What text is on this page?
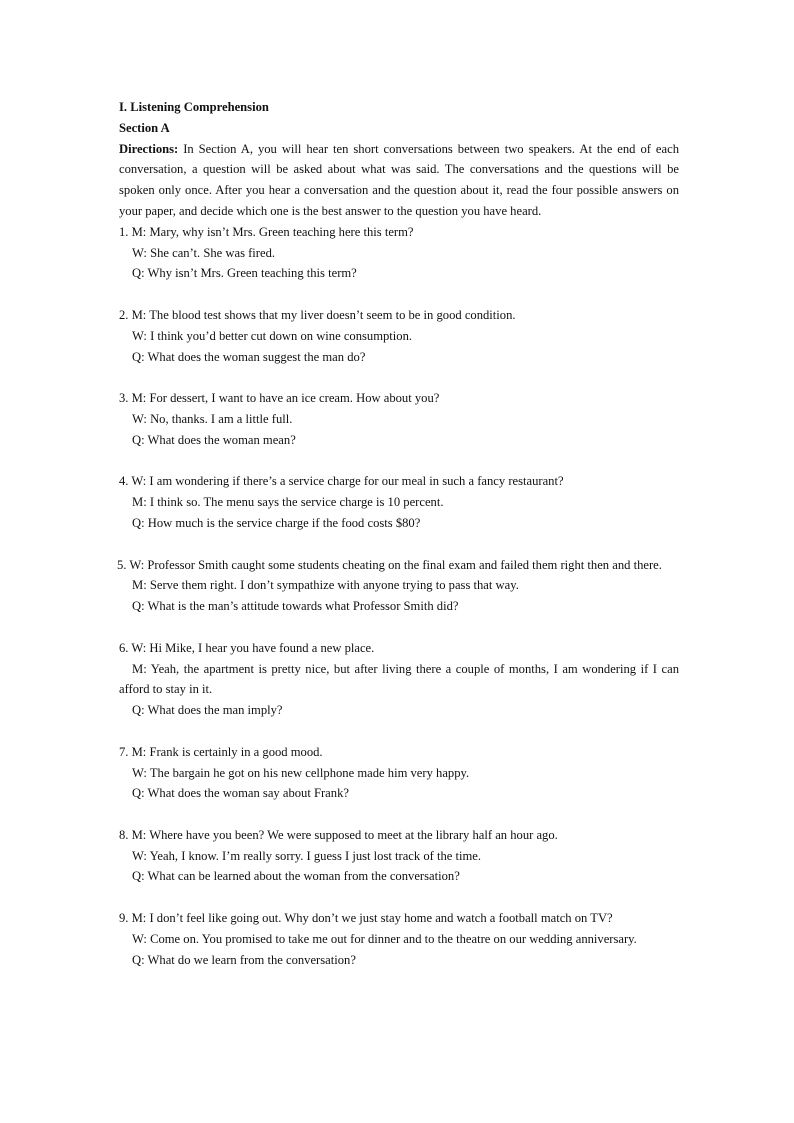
I. Listening Comprehension
Section A
Directions: In Section A, you will hear ten short conversations between two speakers. At the end of each conversation, a question will be asked about what was said. The conversations and the questions will be spoken only once. After you hear a conversation and the question about it, read the four possible answers on your paper, and decide which one is the best answer to the question you have heard.
1. M: Mary, why isn’t Mrs. Green teaching here this term?
W: She can’t. She was fired.
Q: Why isn’t Mrs. Green teaching this term?
2. M: The blood test shows that my liver doesn’t seem to be in good condition.
W: I think you’d better cut down on wine consumption.
Q: What does the woman suggest the man do?
3. M: For dessert, I want to have an ice cream. How about you?
W: No, thanks. I am a little full.
Q: What does the woman mean?
4. W: I am wondering if there’s a service charge for our meal in such a fancy restaurant?
M: I think so. The menu says the service charge is 10 percent.
Q: How much is the service charge if the food costs $80?
5. W: Professor Smith caught some students cheating on the final exam and failed them right then and there.
M: Serve them right. I don’t sympathize with anyone trying to pass that way.
Q: What is the man’s attitude towards what Professor Smith did?
6. W: Hi Mike, I hear you have found a new place.
M: Yeah, the apartment is pretty nice, but after living there a couple of months, I am wondering if I can afford to stay in it.
Q: What does the man imply?
7. M: Frank is certainly in a good mood.
W: The bargain he got on his new cellphone made him very happy.
Q: What does the woman say about Frank?
8. M: Where have you been? We were supposed to meet at the library half an hour ago.
W: Yeah, I know. I’m really sorry. I guess I just lost track of the time.
Q: What can be learned about the woman from the conversation?
9. M: I don’t feel like going out. Why don’t we just stay home and watch a football match on TV?
W: Come on. You promised to take me out for dinner and to the theatre on our wedding anniversary.
Q: What do we learn from the conversation?
